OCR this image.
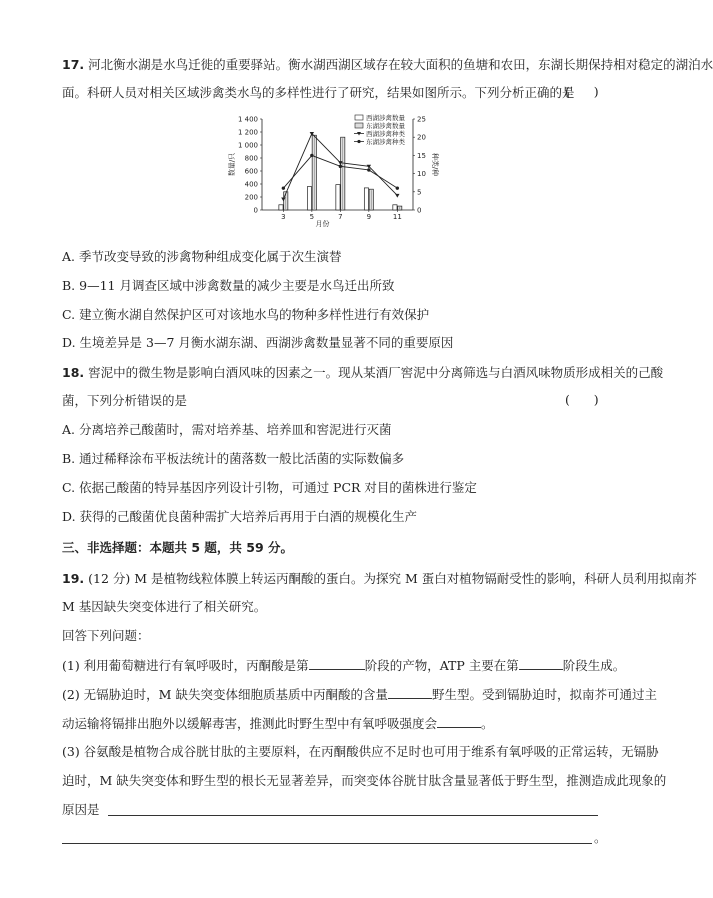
17. 河北衡水湖是水鸟迁徙的重要驿站。衡水湖西湖区域存在较大面积的鱼塘和农田，东湖长期保持相对稳定的湖泊水
面。科研人员对相关区域涉禽类水鸟的多样性进行了研究，结果如图所示。下列分析正确的是
(      )
0
200
400
600
800
1 000
1 200
1 400
0
5
10
15
20
25
3	5	7	9	11
月份
数量/只	种类/种
西湖涉禽数量
东湖涉禽数量
西湖涉禽种类
东湖涉禽种类
A. 季节改变导致的涉禽物种组成变化属于次生演替
B. 9—11 月调查区域中涉禽数量的减少主要是水鸟迁出所致
C. 建立衡水湖自然保护区可对该地水鸟的物种多样性进行有效保护
D. 生境差异是 3—7 月衡水湖东湖、西湖涉禽数量显著不同的重要原因
18. 窖泥中的微生物是影响白酒风味的因素之一。现从某酒厂窖泥中分离筛选与白酒风味物质形成相关的己酸
菌，下列分析错误的是	(      )
A. 分离培养己酸菌时，需对培养基、培养皿和窖泥进行灭菌
B. 通过稀释涂布平板法统计的菌落数一般比活菌的实际数偏多
C. 依据己酸菌的特异基因序列设计引物，可通过 PCR 对目的菌株进行鉴定
D. 获得的己酸菌优良菌种需扩大培养后再用于白酒的规模化生产
三、非选择题：本题共 5 题，共 59 分。
19. (12 分) M 是植物线粒体膜上转运丙酮酸的蛋白。为探究 M 蛋白对植物镉耐受性的影响，科研人员利用拟南芥
M 基因缺失突变体进行了相关研究。
回答下列问题：
(1) 利用葡萄糖进行有氧呼吸时，丙酮酸是第	阶段的产物，ATP 主要在第	阶段生成。
(2) 无镉胁迫时，M 缺失突变体细胞质基质中丙酮酸的含量	野生型。受到镉胁迫时，拟南芥可通过主
动运输将镉排出胞外以缓解毒害，推测此时野生型中有氧呼吸强度会	。
(3) 谷氨酸是植物合成谷胱甘肽的主要原料，在丙酮酸供应不足时也可用于维系有氧呼吸的正常运转，无镉胁
迫时，M 缺失突变体和野生型的根长无显著差异，而突变体谷胱甘肽含量显著低于野生型，推测造成此现象的
原因是
。
